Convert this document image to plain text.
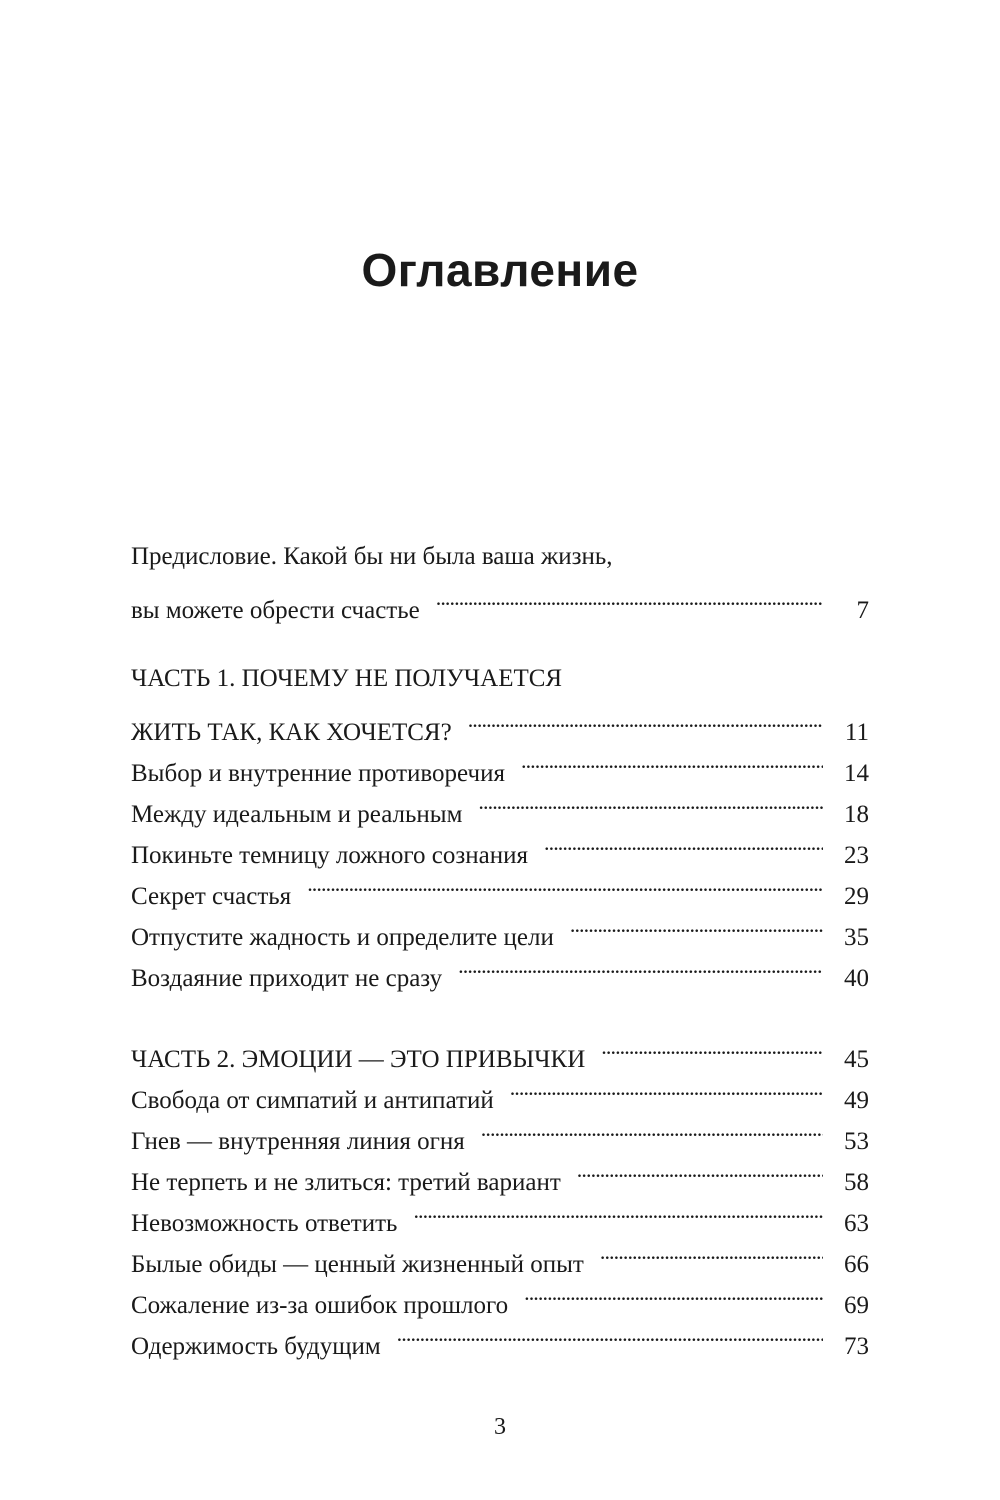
Оглавление
Предисловие. Какой бы ни была ваша жизнь,
вы можете обрести счастье . . .	7
ЧАСТЬ 1. ПОЧЕМУ НЕ ПОЛУЧАЕТСЯ
ЖИТЬ ТАК, КАК ХОЧЕТСЯ? . . .	11
Выбор и внутренние противоречия . . .	14
Между идеальным и реальным . . .	18
Покиньте темницу ложного сознания . . .	23
Секрет счастья . . .	29
Отпустите жадность и определите цели . . .	35
Воздаяние приходит не сразу . . .	40
ЧАСТЬ 2. ЭМОЦИИ — ЭТО ПРИВЫЧКИ . . .	45
Свобода от симпатий и антипатий . . .	49
Гнев — внутренняя линия огня . . .	53
Не терпеть и не злиться: третий вариант . . .	58
Невозможность ответить . . .	63
Былые обиды — ценный жизненный опыт . . .	66
Сожаление из-за ошибок прошлого . . .	69
Одержимость будущим . . .	73
3
